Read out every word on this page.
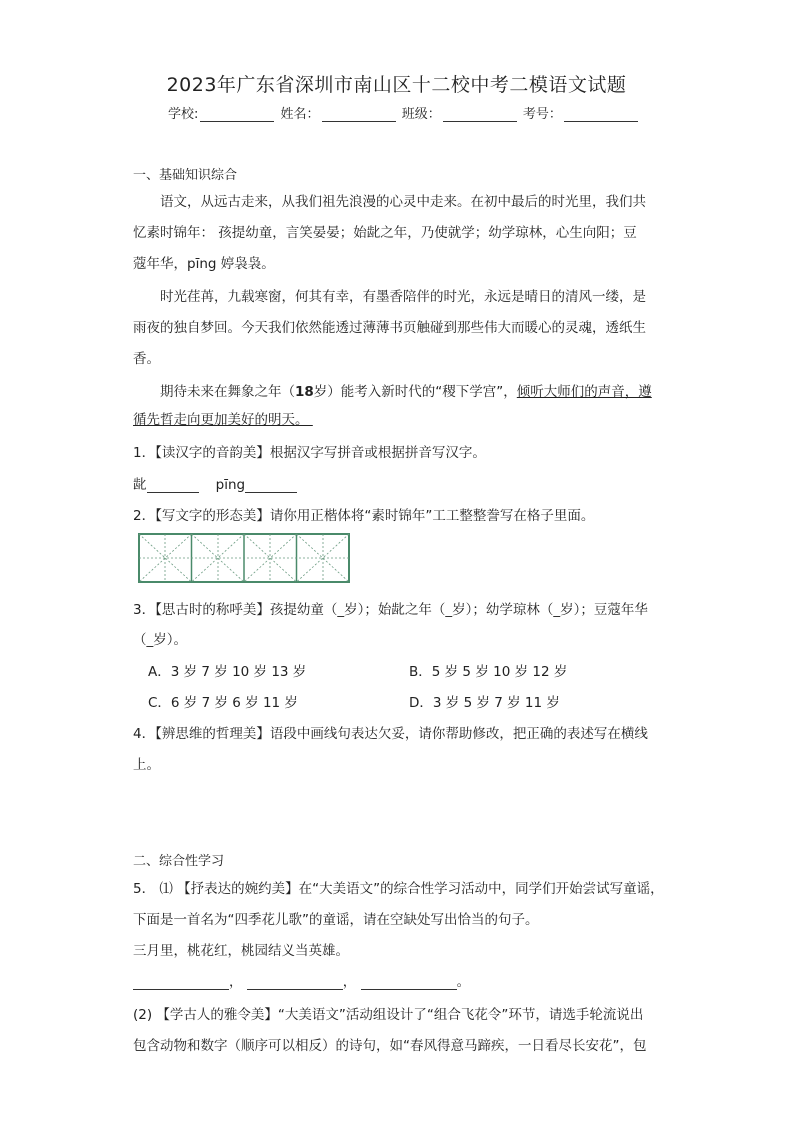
2023年广东省深圳市南山区十二校中考二模语文试题
学校:	姓名：	班级：	考号：
一、基础知识综合
语文，从远古走来，从我们祖先浪漫的心灵中走来。在初中最后的时光里，我们共
忆素时锦年： 孩提幼童，言笑晏晏；始龀之年，乃使就学；幼学琼林，心生向阳；豆
蔻年华，pīng 婷袅袅。
时光荏苒，九载寒窗，何其有幸，有墨香陪伴的时光，永远是晴日的清风一缕，是
雨夜的独自梦回。今天我们依然能透过薄薄书页触碰到那些伟大而暖心的灵魂，透纸生
香。
期待未来在舞象之年（18岁）能考入新时代的“稷下学宫”，倾听大师们的声音，遵
循先哲走向更加美好的明天。
1．【读汉字的音韵美】根据汉字写拼音或根据拼音写汉字。
龀	pīng
2．【写文字的形态美】请你用正楷体将“素时锦年”工工整整誊写在格子里面。
3．【思古时的称呼美】孩提幼童（_岁）；始龀之年（_岁）；幼学琼林（_岁）；豆蔻年华
（_岁）。
A．3 岁 7 岁 10 岁 13 岁	B．5 岁 5 岁 10 岁 12 岁
C．6 岁 7 岁 6 岁 11 岁	D．3 岁 5 岁 7 岁 11 岁
4．【辨思维的哲理美】语段中画线句表达欠妥，请你帮助修改，把正确的表述写在横线
上。
二、综合性学习
5． ⑴ 【抒表达的婉约美】在“大美语文”的综合性学习活动中，同学们开始尝试写童谣，
下面是一首名为“四季花儿歌”的童谣，请在空缺处写出恰当的句子。
三月里，桃花红，桃园结义当英雄。
，	，	。
(2) 【学古人的雅令美】“大美语文”活动组设计了“组合飞花令”环节，请选手轮流说出
包含动物和数字（顺序可以相反）的诗句，如“春风得意马蹄疾，一日看尽长安花”，包
